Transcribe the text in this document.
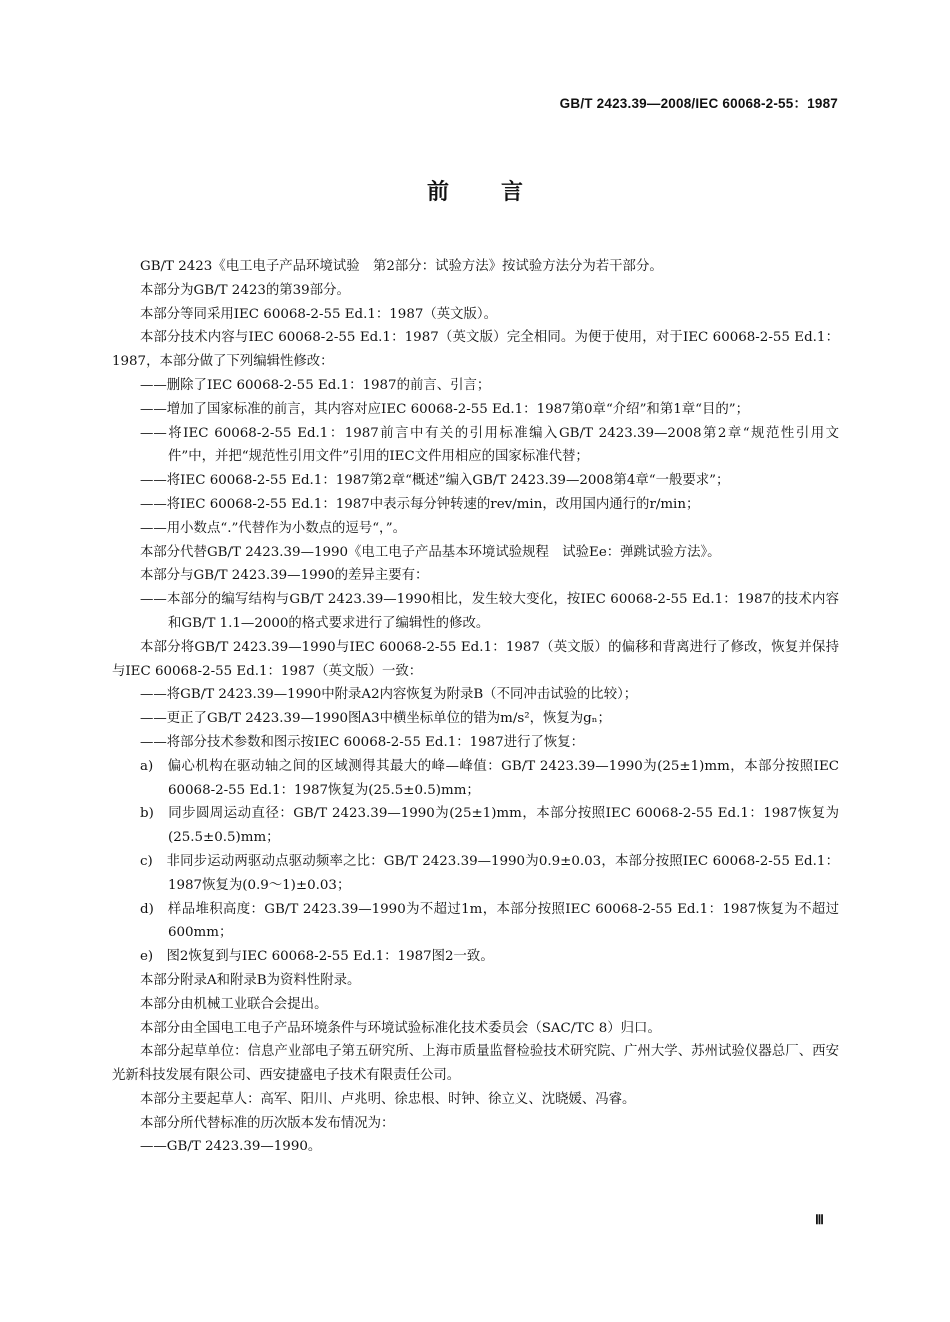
GB/T 2423.39—2008/IEC 60068-2-55：1987
前言

GB/T 2423《电工电子产品环境试验　第2部分：试验方法》按试验方法分为若干部分。

本部分为GB/T 2423的第39部分。

本部分等同采用IEC 60068-2-55 Ed.1：1987（英文版）。

本部分技术内容与IEC 60068-2-55 Ed.1：1987（英文版）完全相同。为便于使用，对于IEC 60068-2-55 Ed.1：1987，本部分做了下列编辑性修改：

——删除了IEC 60068-2-55 Ed.1：1987的前言、引言；

——增加了国家标准的前言，其内容对应IEC 60068-2-55 Ed.1：1987第0章“介绍”和第1章“目的”；

——将IEC 60068-2-55 Ed.1：1987前言中有关的引用标准编入GB/T 2423.39—2008第2章“规范性引用文件”中，并把“规范性引用文件”引用的IEC文件用相应的国家标准代替；

——将IEC 60068-2-55 Ed.1：1987第2章“概述”编入GB/T 2423.39—2008第4章“一般要求”；

——将IEC 60068-2-55 Ed.1：1987中表示每分钟转速的rev/min，改用国内通行的r/min；

——用小数点“.”代替作为小数点的逗号“，”。

本部分代替GB/T 2423.39—1990《电工电子产品基本环境试验规程　试验Ee：弹跳试验方法》。

本部分与GB/T 2423.39—1990的差异主要有：

——本部分的编写结构与GB/T 2423.39—1990相比，发生较大变化，按IEC 60068-2-55 Ed.1：1987的技术内容和GB/T 1.1—2000的格式要求进行了编辑性的修改。

本部分将GB/T 2423.39—1990与IEC 60068-2-55 Ed.1：1987（英文版）的偏移和背离进行了修改，恢复并保持与IEC 60068-2-55 Ed.1：1987（英文版）一致：

——将GB/T 2423.39—1990中附录A2内容恢复为附录B（不同冲击试验的比较）；

——更正了GB/T 2423.39—1990图A3中横坐标单位的错为m/s²，恢复为gₙ；

——将部分技术参数和图示按IEC 60068-2-55 Ed.1：1987进行了恢复：

a)　偏心机构在驱动轴之间的区域测得其最大的峰—峰值：GB/T 2423.39—1990为(25±1)mm，本部分按照IEC 60068-2-55 Ed.1：1987恢复为(25.5±0.5)mm；

b)　同步圆周运动直径：GB/T 2423.39—1990为(25±1)mm，本部分按照IEC 60068-2-55 Ed.1：1987恢复为(25.5±0.5)mm；

c)　非同步运动两驱动点驱动频率之比：GB/T 2423.39—1990为0.9±0.03，本部分按照IEC 60068-2-55 Ed.1：1987恢复为(0.9～1)±0.03；

d)　样品堆积高度：GB/T 2423.39—1990为不超过1m，本部分按照IEC 60068-2-55 Ed.1：1987恢复为不超过600mm；

e)　图2恢复到与IEC 60068-2-55 Ed.1：1987图2一致。

本部分附录A和附录B为资料性附录。

本部分由机械工业联合会提出。

本部分由全国电工电子产品环境条件与环境试验标准化技术委员会（SAC/TC 8）归口。

本部分起草单位：信息产业部电子第五研究所、上海市质量监督检验技术研究院、广州大学、苏州试验仪器总厂、西安光新科技发展有限公司、西安捷盛电子技术有限责任公司。

本部分主要起草人：高军、阳川、卢兆明、徐忠根、时钟、徐立义、沈晓媛、冯睿。

本部分所代替标准的历次版本发布情况为：

——GB/T 2423.39—1990。

Ⅲ
